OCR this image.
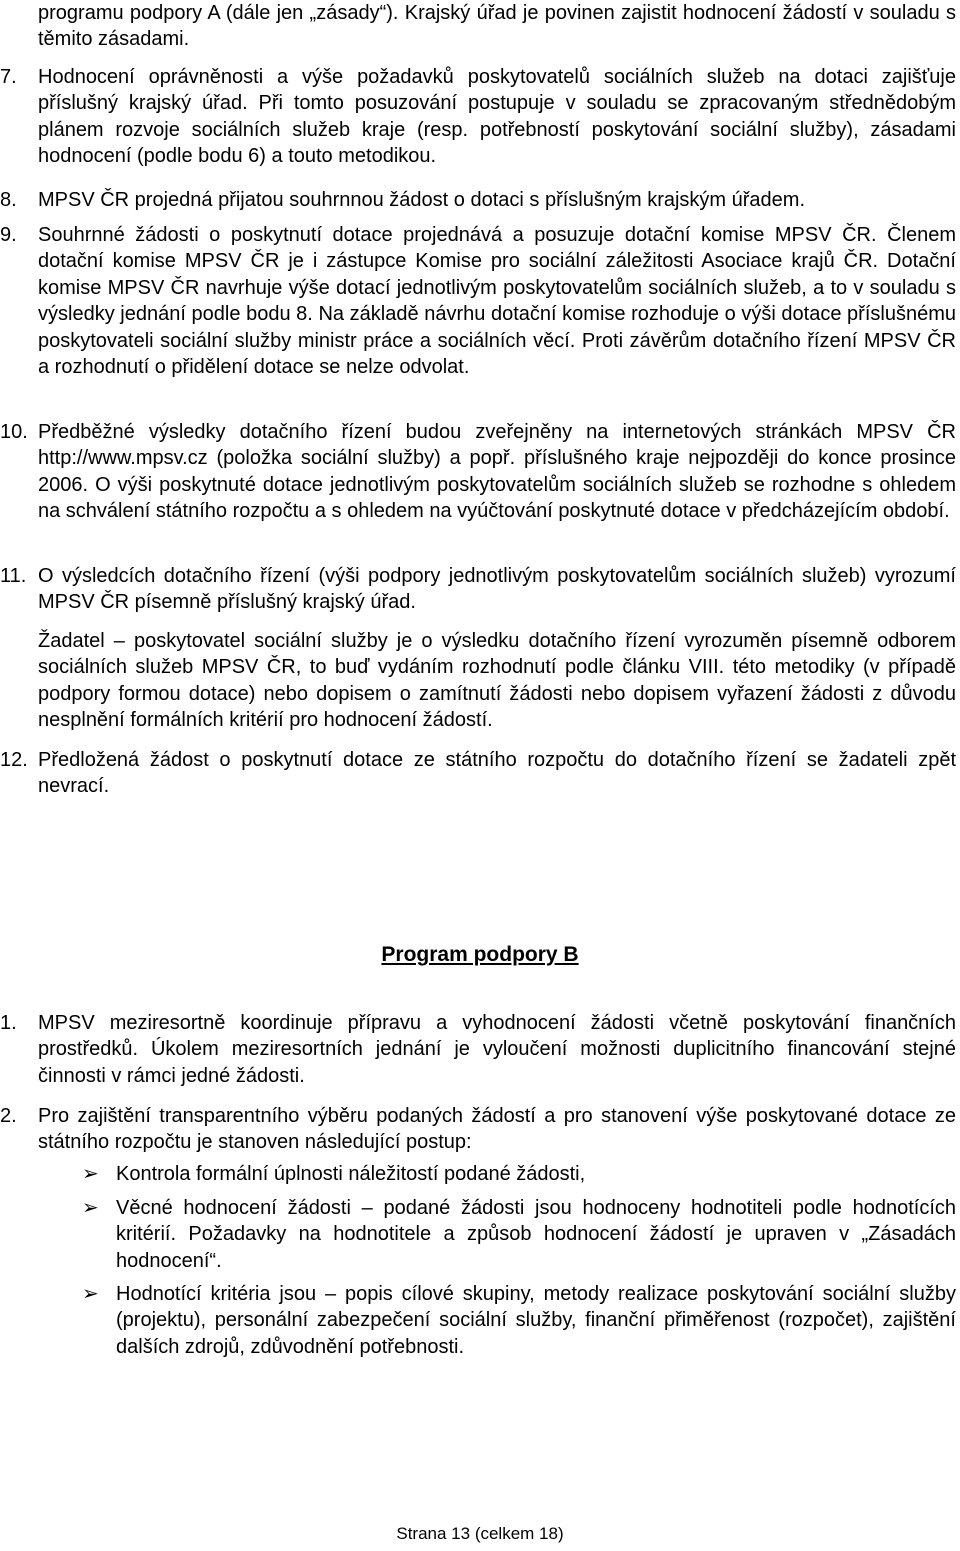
programu podpory A (dále jen „zásady“). Krajský úřad je povinen zajistit hodnocení žádostí v souladu s těmito zásadami.
7. Hodnocení oprávněnosti a výše požadavků poskytovatelů sociálních služeb na dotaci zajišťuje příslušný krajský úřad. Při tomto posuzování postupuje v souladu se zpracovaným střednědobým plánem rozvoje sociálních služeb kraje (resp. potřebností poskytování sociální služby), zásadami hodnocení (podle bodu 6) a touto metodikou.
8. MPSV ČR projedná přijatou souhrnnou žádost o dotaci s příslušným krajským úřadem.
9. Souhrnné žádosti o poskytnutí dotace projednává a posuzuje dotační komise MPSV ČR. Členem dotační komise MPSV ČR je i zástupce Komise pro sociální záležitosti Asociace krajů ČR. Dotační komise MPSV ČR navrhuje výše dotací jednotlivým poskytovatelům sociálních služeb, a to v souladu s výsledky jednání podle bodu 8. Na základě návrhu dotační komise rozhoduje o výši dotace příslušnému poskytovateli sociální služby ministr práce a sociálních věcí. Proti závěrům dotačního řízení MPSV ČR a rozhodnutí o přidělení dotace se nelze odvolat.
10. Předběžné výsledky dotačního řízení budou zveřejněny na internetových stránkách MPSV ČR http://www.mpsv.cz (položka sociální služby) a popř. příslušného kraje nejpozději do konce prosince 2006. O výši poskytnuté dotace jednotlivým poskytovatelům sociálních služeb se rozhodne s ohledem na schválení státního rozpočtu a s ohledem na vyúčtování poskytnuté dotace v předcházejícím období.
11. O výsledcích dotačního řízení (výši podpory jednotlivým poskytovatelům sociálních služeb) vyrozumí MPSV ČR písemně příslušný krajský úřad.
Žadatel – poskytovatel sociální služby je o výsledku dotačního řízení vyrozuměn písemně odborem sociálních služeb MPSV ČR, to buď vydáním rozhodnutí podle článku VIII. této metodiky (v případě podpory formou dotace) nebo dopisem o zamítnutí žádosti nebo dopisem vyřazení žádosti z důvodu nesplnění formálních kritérií pro hodnocení žádostí.
12. Předložená žádost o poskytnutí dotace ze státního rozpočtu do dotačního řízení se žadateli zpět nevrací.
Program podpory B
1. MPSV meziresortně koordinuje přípravu a vyhodnocení žádosti včetně poskytování finančních prostředků. Úkolem meziresortních jednání je vyloučení možnosti duplicitního financování stejné činnosti v rámci jedné žádosti.
2. Pro zajištění transparentního výběru podaných žádostí a pro stanovení výše poskytované dotace ze státního rozpočtu je stanoven následující postup:
➢ Kontrola formální úplnosti náležitostí podané žádosti,
➢ Věcné hodnocení žádosti – podané žádosti jsou hodnoceny hodnotiteli podle hodnotících kritérií. Požadavky na hodnotitele a způsob hodnocení žádostí je upraven v „Zásadách hodnocení“.
➢ Hodnotící kritéria jsou – popis cílové skupiny, metody realizace poskytování sociální služby (projektu), personální zabezpečení sociální služby, finanční přiměřenost (rozpočet), zajištění dalších zdrojů, zdůvodnění potřebnosti.
Strana 13 (celkem 18)
